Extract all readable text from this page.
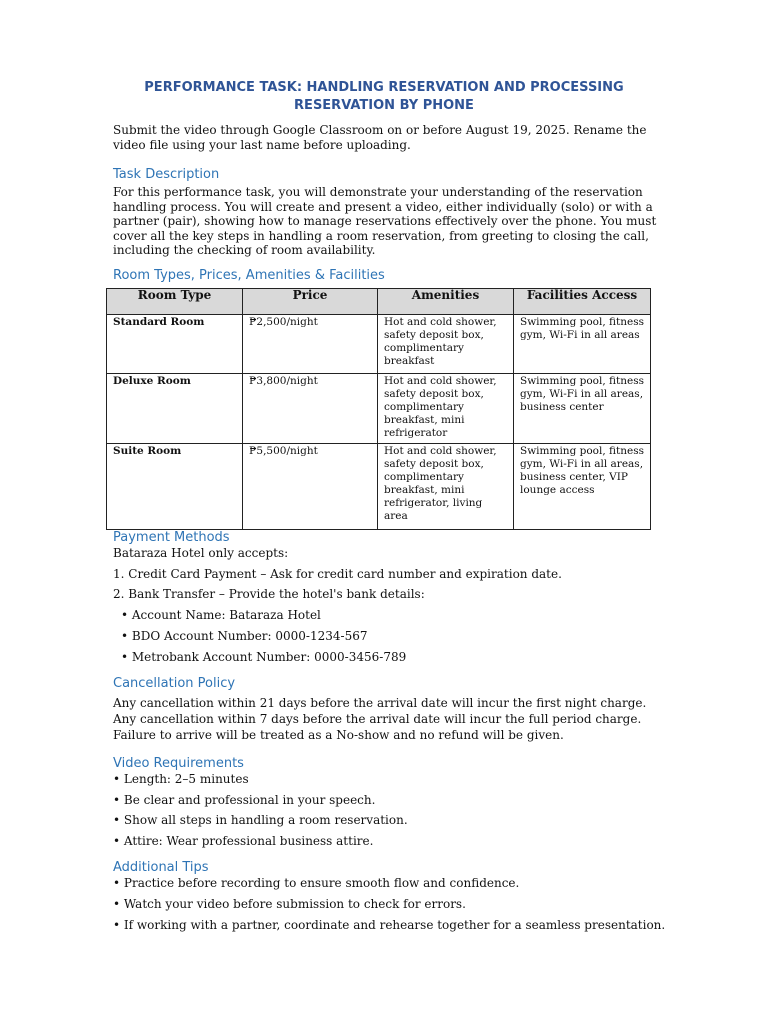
PERFORMANCE TASK: HANDLING RESERVATION AND PROCESSING
RESERVATION BY PHONE
Submit the video through Google Classroom on or before August 19, 2025. Rename the video file using your last name before uploading.
Task Description
For this performance task, you will demonstrate your understanding of the reservation handling process. You will create and present a video, either individually (solo) or with a partner (pair), showing how to manage reservations effectively over the phone. You must cover all the key steps in handling a room reservation, from greeting to closing the call, including the checking of room availability.
Room Types, Prices, Amenities & Facilities
Room Type	Price	Amenities	Facilities Access
Standard Room	₱2,500/night	Hot and cold shower, safety deposit box, complimentary breakfast	Swimming pool, fitness gym, Wi-Fi in all areas
Deluxe Room	₱3,800/night	Hot and cold shower, safety deposit box, complimentary breakfast, mini refrigerator	Swimming pool, fitness gym, Wi-Fi in all areas, business center
Suite Room	₱5,500/night	Hot and cold shower, safety deposit box, complimentary breakfast, mini refrigerator, living area	Swimming pool, fitness gym, Wi-Fi in all areas, business center, VIP lounge access
Payment Methods
Bataraza Hotel only accepts:
1. Credit Card Payment – Ask for credit card number and expiration date.
2. Bank Transfer – Provide the hotel's bank details:
• Account Name: Bataraza Hotel
• BDO Account Number: 0000-1234-567
• Metrobank Account Number: 0000-3456-789
Cancellation Policy
Any cancellation within 21 days before the arrival date will incur the first night charge. Any cancellation within 7 days before the arrival date will incur the full period charge. Failure to arrive will be treated as a No-show and no refund will be given.
Video Requirements
• Length: 2–5 minutes
• Be clear and professional in your speech.
• Show all steps in handling a room reservation.
• Attire: Wear professional business attire.
Additional Tips
• Practice before recording to ensure smooth flow and confidence.
• Watch your video before submission to check for errors.
• If working with a partner, coordinate and rehearse together for a seamless presentation.
